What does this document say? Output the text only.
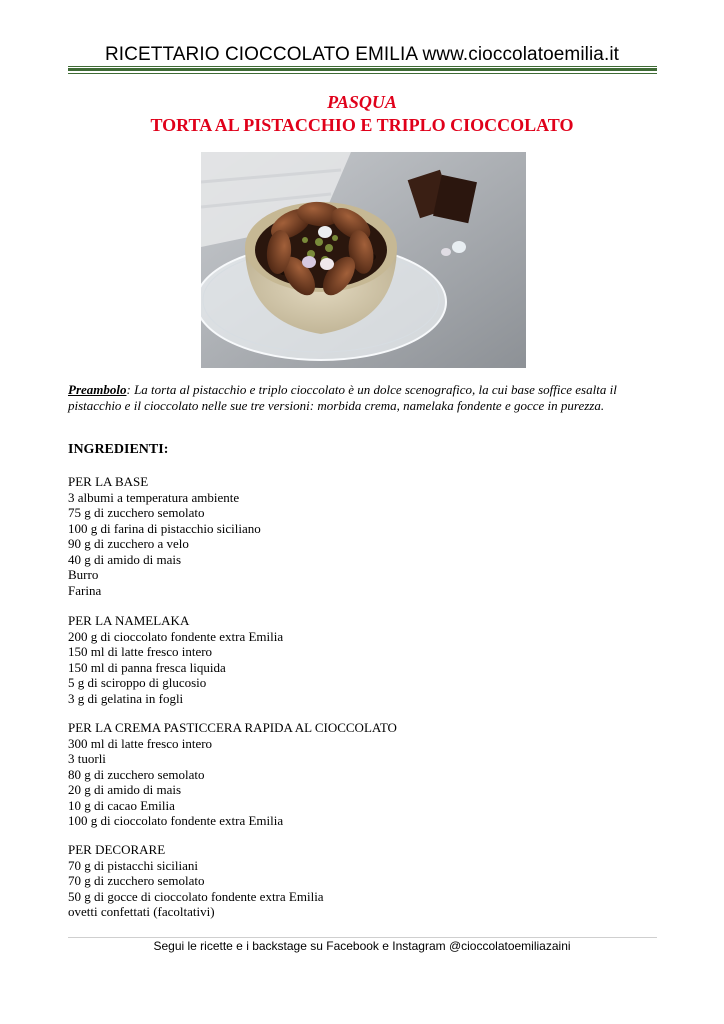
RICETTARIO CIOCCOLATO EMILIA www.cioccolatoemilia.it
PASQUA
TORTA AL PISTACCHIO E TRIPLO CIOCCOLATO
Preambolo: La torta al pistacchio e triplo cioccolato è un dolce scenografico, la cui base soffice esalta il pistacchio e il cioccolato nelle sue tre versioni: morbida crema, namelaka fondente e gocce in purezza.
INGREDIENTI:
PER LA BASE
3 albumi a temperatura ambiente
75 g di zucchero semolato
100 g di farina di pistacchio siciliano
90 g di zucchero a velo
40 g di amido di mais
Burro
Farina
PER LA NAMELAKA
200 g di cioccolato fondente extra Emilia
150 ml di latte fresco intero
150 ml di panna fresca liquida
5 g di sciroppo di glucosio
3 g di gelatina in fogli
PER LA CREMA PASTICCERA RAPIDA AL CIOCCOLATO
300 ml di latte fresco intero
3 tuorli
80 g di zucchero semolato
20 g di amido di mais
10 g di cacao Emilia
100 g di cioccolato fondente extra Emilia
PER DECORARE
70 g di pistacchi siciliani
70 g di zucchero semolato
50 g di gocce di cioccolato fondente extra Emilia
ovetti confettati (facoltativi)
Segui le ricette e i backstage su Facebook e Instagram @cioccolatoemiliazaini
